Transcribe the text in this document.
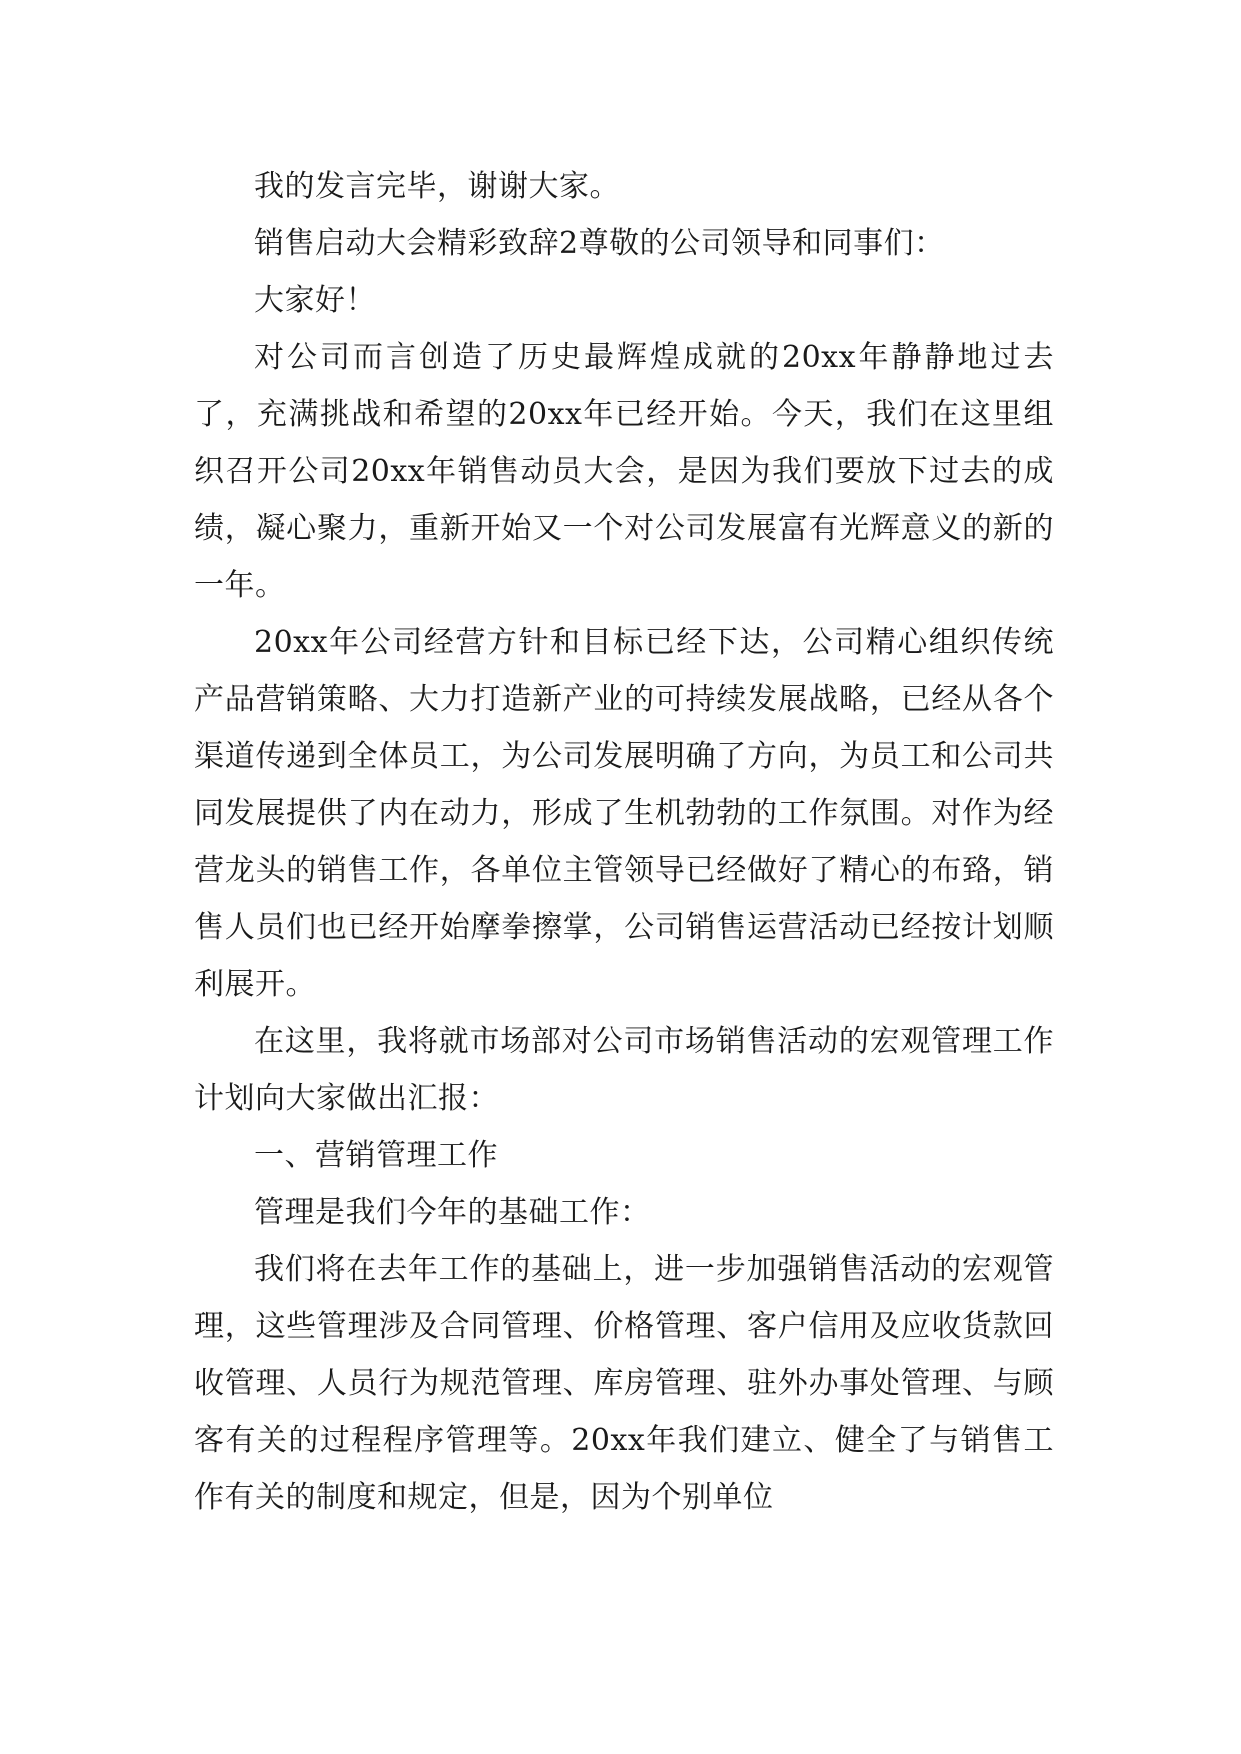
我的发言完毕，谢谢大家。

销售启动大会精彩致辞2尊敬的公司领导和同事们：

大家好！

对公司而言创造了历史最辉煌成就的20xx年静静地过去了，充满挑战和希望的20xx年已经开始。今天，我们在这里组织召开公司20xx年销售动员大会，是因为我们要放下过去的成绩，凝心聚力，重新开始又一个对公司发展富有光辉意义的新的一年。

20xx年公司经营方针和目标已经下达，公司精心组织传统产品营销策略、大力打造新产业的可持续发展战略，已经从各个渠道传递到全体员工，为公司发展明确了方向，为员工和公司共同发展提供了内在动力，形成了生机勃勃的工作氛围。对作为经营龙头的销售工作，各单位主管领导已经做好了精心的布臵，销售人员们也已经开始摩拳擦掌，公司销售运营活动已经按计划顺利展开。

在这里，我将就市场部对公司市场销售活动的宏观管理工作计划向大家做出汇报：

一、营销管理工作

管理是我们今年的基础工作：

我们将在去年工作的基础上，进一步加强销售活动的宏观管理，这些管理涉及合同管理、价格管理、客户信用及应收货款回收管理、人员行为规范管理、库房管理、驻外办事处管理、与顾客有关的过程程序管理等。20xx年我们建立、健全了与销售工作有关的制度和规定，但是，因为个别单位
